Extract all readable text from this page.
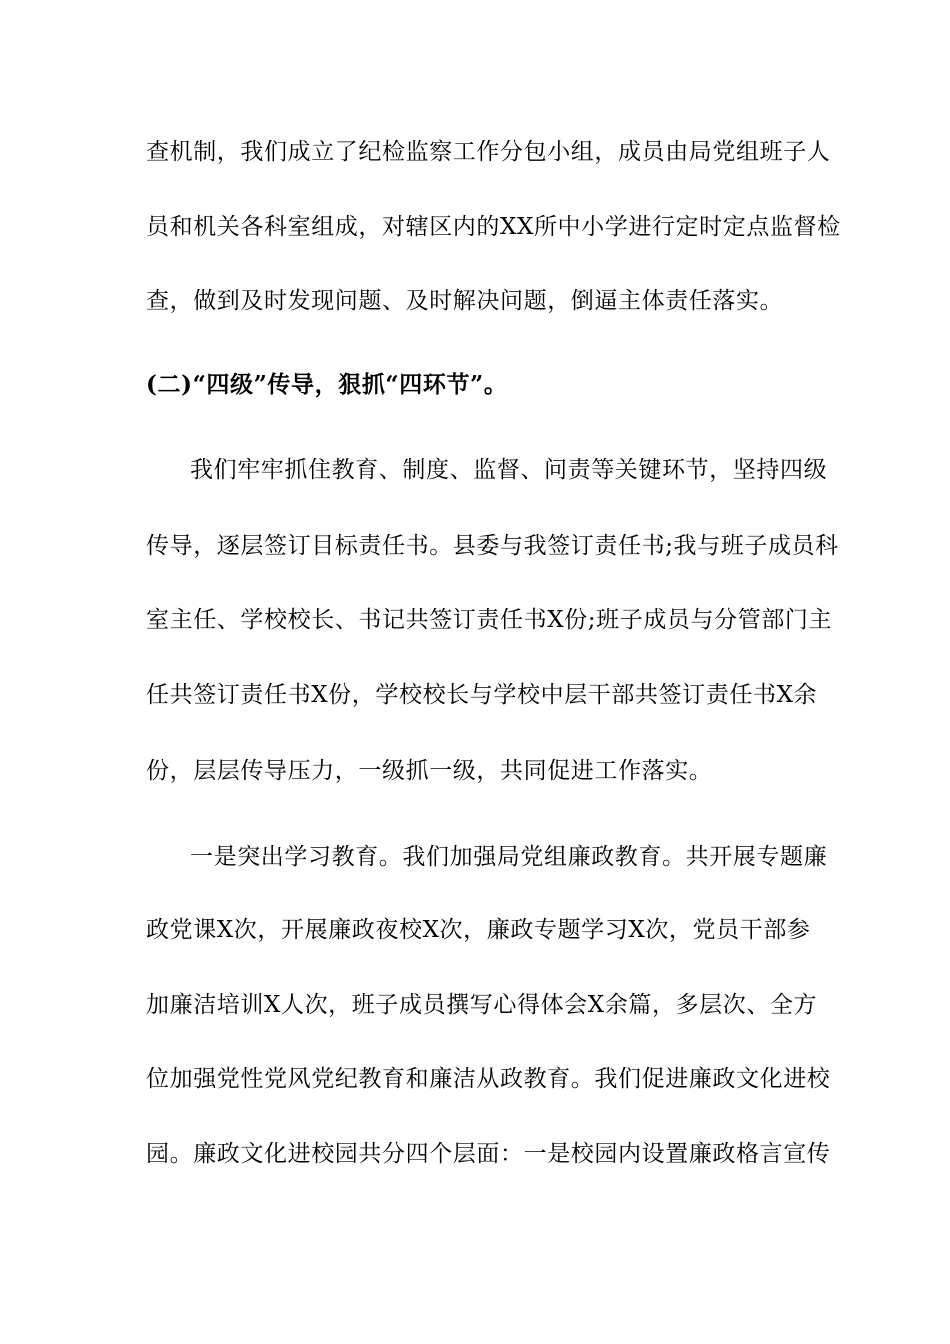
查机制，我们成立了纪检监察工作分包小组，成员由局党组班子人
员和机关各科室组成，对辖区内的XX所中小学进行定时定点监督检
查，做到及时发现问题、及时解决问题，倒逼主体责任落实。
(二)“四级”传导，狠抓“四环节”。
我们牢牢抓住教育、制度、监督、问责等关键环节，坚持四级
传导，逐层签订目标责任书。县委与我签订责任书;我与班子成员科
室主任、学校校长、书记共签订责任书X份;班子成员与分管部门主
任共签订责任书X份，学校校长与学校中层干部共签订责任书X余
份，层层传导压力，一级抓一级，共同促进工作落实。
一是突出学习教育。我们加强局党组廉政教育。共开展专题廉
政党课X次，开展廉政夜校X次，廉政专题学习X次，党员干部参
加廉洁培训X人次，班子成员撰写心得体会X余篇，多层次、全方
位加强党性党风党纪教育和廉洁从政教育。我们促进廉政文化进校
园。廉政文化进校园共分四个层面：一是校园内设置廉政格言宣传
